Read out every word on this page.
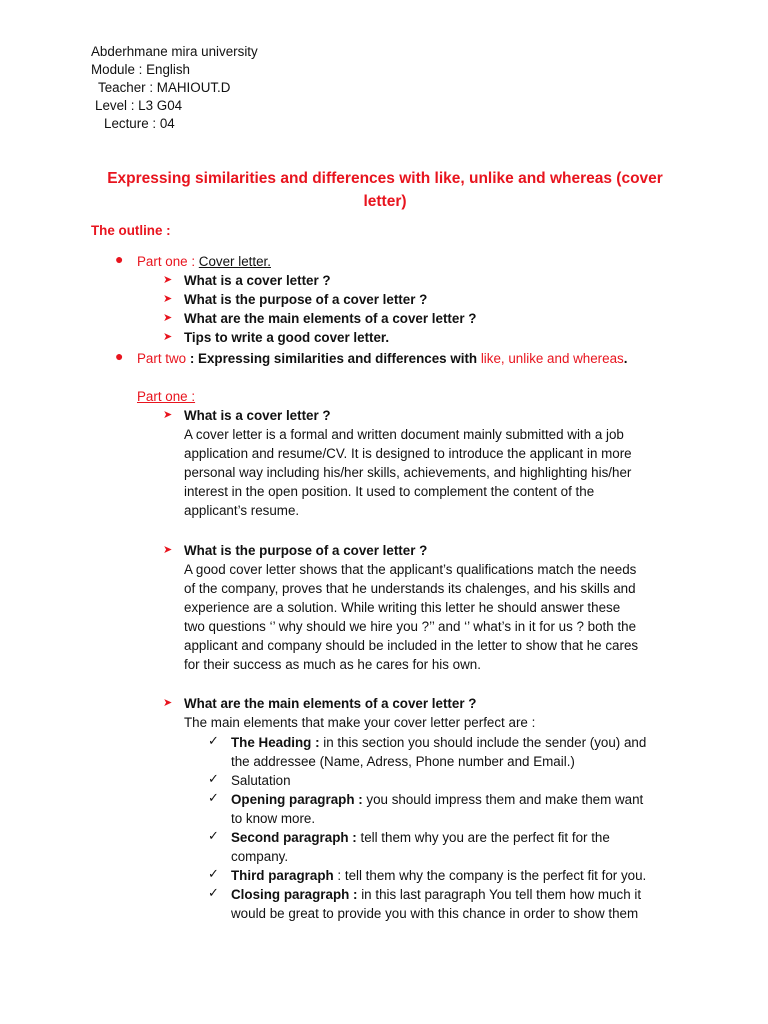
Abderhmane mira university
Module : English
Teacher : MAHIOUT.D
Level : L3 G04
Lecture : 04
Expressing similarities and differences with like, unlike and whereas (cover letter)
The outline :
● Part one : Cover letter.
➤ What is a cover letter ?
➤ What is the purpose of a cover letter ?
➤ What are the main elements of a cover letter ?
➤ Tips to write a good cover letter.
● Part two : Expressing similarities and differences with like, unlike and whereas.
Part one :
➤ What is a cover letter ?
A cover letter is a formal and written document mainly submitted with a job
application and resume/CV. It is designed to introduce the applicant in more
personal way including his/her skills, achievements, and highlighting his/her
interest in the open position. It used to complement the content of the
applicant’s resume.
➤ What is the purpose of a cover letter ?
A good cover letter shows that the applicant’s qualifications match the needs
of the company, proves that he understands its chalenges, and his skills and
experience are a solution. While writing this letter he should answer these
two questions ‘’ why should we hire you ?’’ and ‘’ what’s in it for us ? both the
applicant and company should be included in the letter to show that he cares
for their success as much as he cares for his own.
➤ What are the main elements of a cover letter ?
The main elements that make your cover letter perfect are :
✓ The Heading : in this section you should include the sender (you) and
the addressee (Name, Adress, Phone number and Email.)
✓ Salutation
✓ Opening paragraph : you should impress them and make them want
to know more.
✓ Second paragraph : tell them why you are the perfect fit for the
company.
✓ Third paragraph : tell them why the company is the perfect fit for you.
✓ Closing paragraph : in this last paragraph You tell them how much it
would be great to provide you with this chance in order to show them
